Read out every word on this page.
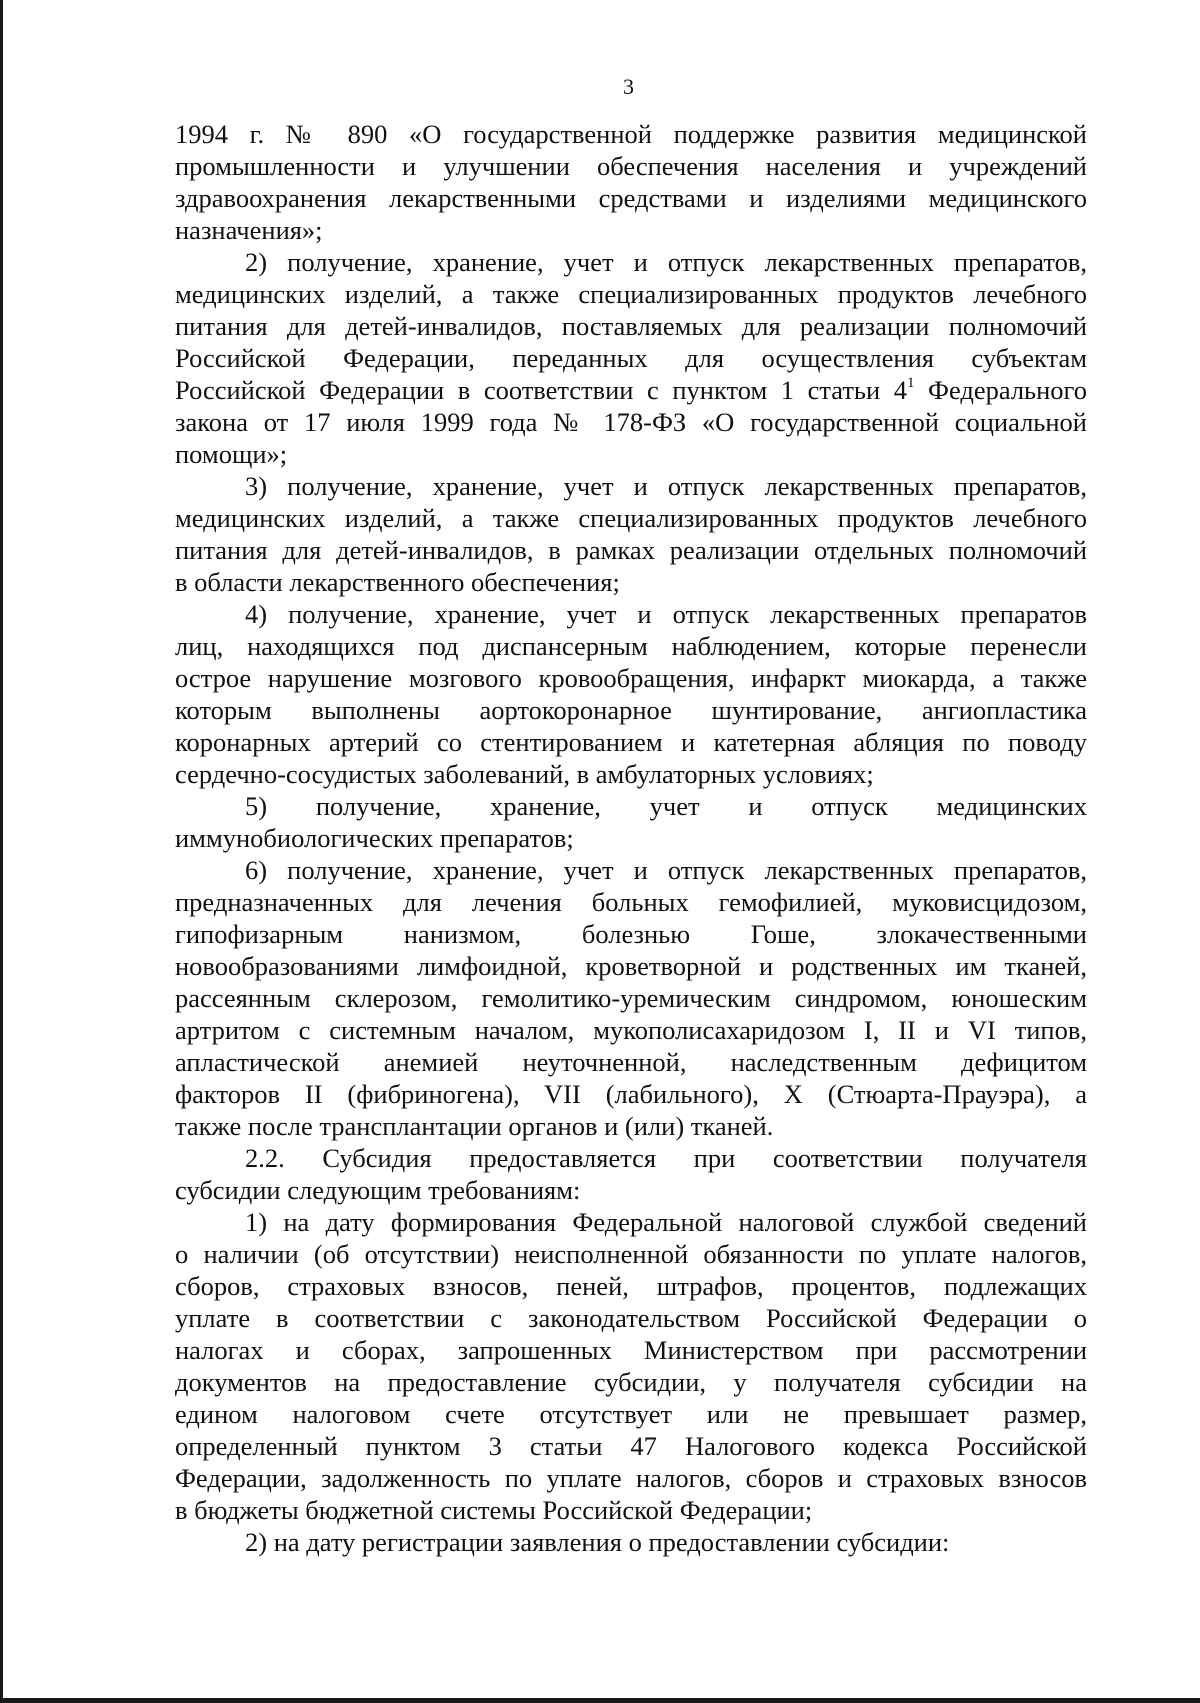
3
1994 г. № 890 «О государственной поддержке развития медицинской
промышленности и улучшении обеспечения населения и учреждений
здравоохранения лекарственными средствами и изделиями медицинского
назначения»;
2) получение, хранение, учет и отпуск лекарственных препаратов,
медицинских изделий, а также специализированных продуктов лечебного
питания для детей-инвалидов, поставляемых для реализации полномочий
Российской Федерации, переданных для осуществления субъектам
Российской Федерации в соответствии с пунктом 1 статьи $4^1$ Федерального
закона от 17 июля 1999 года № 178-ФЗ «О государственной социальной
помощи»;
3) получение, хранение, учет и отпуск лекарственных препаратов,
медицинских изделий, а также специализированных продуктов лечебного
питания для детей-инвалидов, в рамках реализации отдельных полномочий
в области лекарственного обеспечения;
4) получение, хранение, учет и отпуск лекарственных препаратов
лиц, находящихся под диспансерным наблюдением, которые перенесли
острое нарушение мозгового кровообращения, инфаркт миокарда, а также
которым выполнены аортокоронарное шунтирование, ангиопластика
коронарных артерий со стентированием и катетерная абляция по поводу
сердечно-сосудистых заболеваний, в амбулаторных условиях;
5) получение, хранение, учет и отпуск медицинских
иммунобиологических препаратов;
6) получение, хранение, учет и отпуск лекарственных препаратов,
предназначенных для лечения больных гемофилией, муковисцидозом,
гипофизарным нанизмом, болезнью Гоше, злокачественными
новообразованиями лимфоидной, кроветворной и родственных им тканей,
рассеянным склерозом, гемолитико-уремическим синдромом, юношеским
артритом с системным началом, мукополисахаридозом I, II и VI типов,
апластической анемией неуточненной, наследственным дефицитом
факторов II (фибриногена), VII (лабильного), X (Стюарта-Прауэра), а
также после трансплантации органов и (или) тканей.
2.2. Субсидия предоставляется при соответствии получателя
субсидии следующим требованиям:
1) на дату формирования Федеральной налоговой службой сведений
о наличии (об отсутствии) неисполненной обязанности по уплате налогов,
сборов, страховых взносов, пеней, штрафов, процентов, подлежащих
уплате в соответствии с законодательством Российской Федерации о
налогах и сборах, запрошенных Министерством при рассмотрении
документов на предоставление субсидии, у получателя субсидии на
едином налоговом счете отсутствует или не превышает размер,
определенный пунктом 3 статьи 47 Налогового кодекса Российской
Федерации, задолженность по уплате налогов, сборов и страховых взносов
в бюджеты бюджетной системы Российской Федерации;
2) на дату регистрации заявления о предоставлении субсидии:
